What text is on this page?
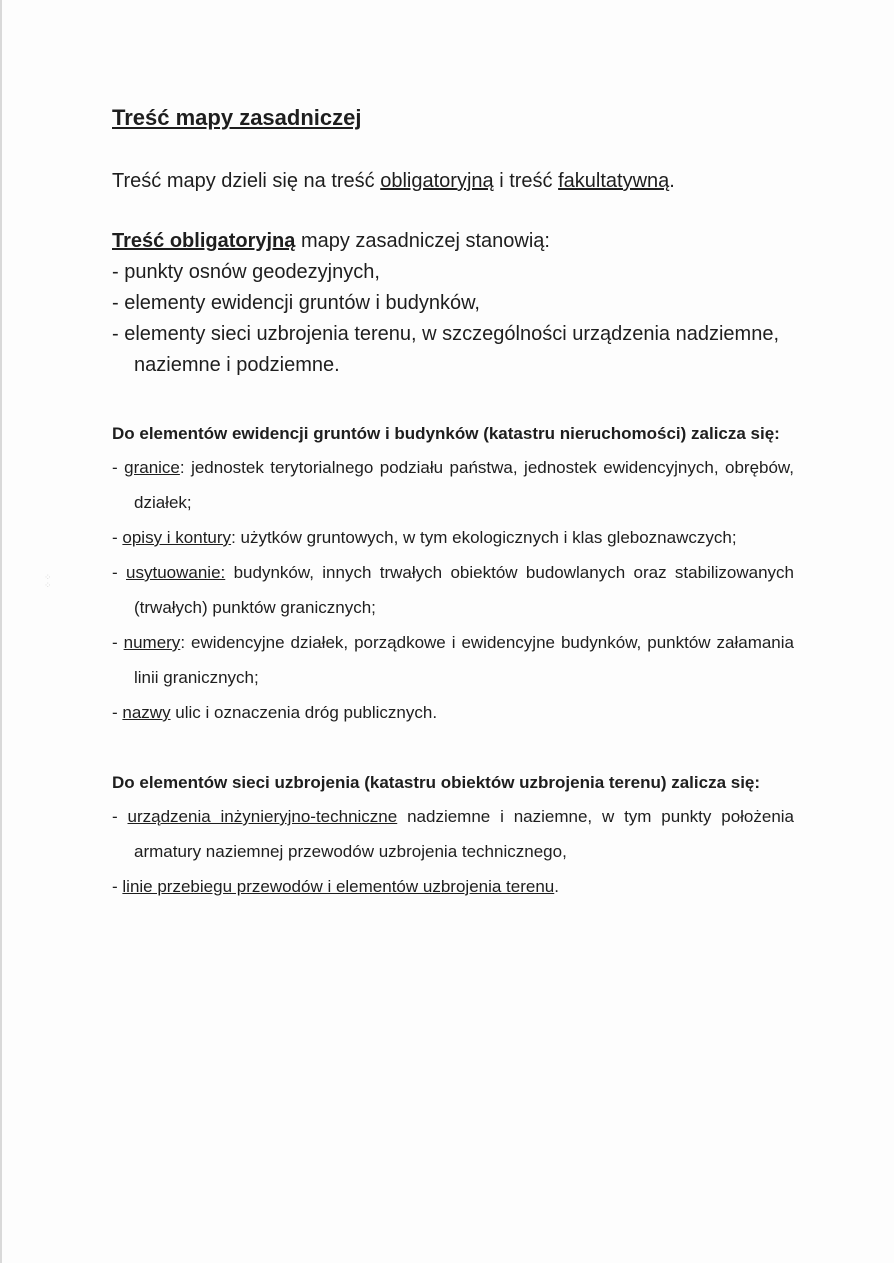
Treść mapy zasadniczej
Treść mapy dzieli się na treść obligatoryjną i treść fakultatywną.
Treść obligatoryjną mapy zasadniczej stanowią:
- punkty osnów geodezyjnych,
- elementy ewidencji gruntów i budynków,
- elementy sieci uzbrojenia terenu, w szczególności urządzenia nadziemne, naziemne i podziemne.

Do elementów ewidencji gruntów i budynków (katastru nieruchomości) zalicza się:

- granice: jednostek terytorialnego podziału państwa, jednostek ewidencyjnych, obrębów, działek;
- opisy i kontury: użytków gruntowych, w tym ekologicznych i klas gleboznawczych;
- usytuowanie: budynków, innych trwałych obiektów budowlanych oraz stabilizowanych (trwałych) punktów granicznych;
- numery: ewidencyjne działek, porządkowe i ewidencyjne budynków, punktów załamania linii granicznych;
- nazwy ulic i oznaczenia dróg publicznych.

Do elementów sieci uzbrojenia (katastru obiektów uzbrojenia terenu) zalicza się:

- urządzenia inżynieryjno-techniczne nadziemne i naziemne, w tym punkty położenia armatury naziemnej przewodów uzbrojenia technicznego,
- linie przebiegu przewodów i elementów uzbrojenia terenu.
⁘
⁘
